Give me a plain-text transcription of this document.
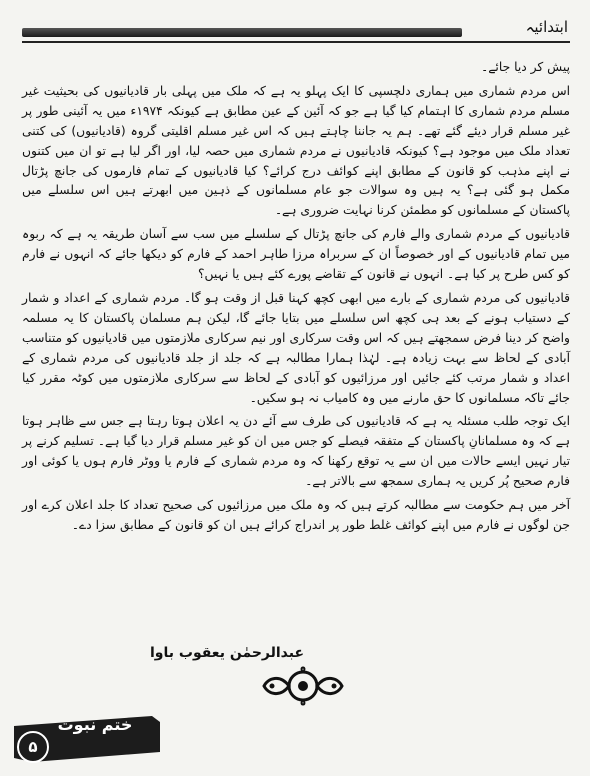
ابتدائیہ

پیش کر دیا جائے۔

اس مردم شماری میں ہماری دلچسپی کا ایک پہلو یہ ہے کہ ملک میں پہلی بار قادیانیوں کی بحیثیت غیر مسلم مردم شماری کا اہتمام کیا گیا ہے جو کہ آئین کے عین مطابق ہے کیونکہ ۱۹۷۴ء میں یہ آئینی طور پر غیر مسلم قرار دیئے گئے تھے۔ ہم یہ جاننا چاہتے ہیں کہ اس غیر مسلم اقلیتی گروہ (قادیانیوں) کی کتنی تعداد ملک میں موجود ہے؟ کیونکہ قادیانیوں نے مردم شماری میں حصہ لیا، اور اگر لیا ہے تو ان میں کتنوں نے اپنے مذہب کو قانون کے مطابق اپنے کوائف درج کرائے؟ کیا قادیانیوں کے تمام فارموں کی جانچ پڑتال مکمل ہو گئی ہے؟ یہ ہیں وہ سوالات جو عام مسلمانوں کے ذہین میں ابھرتے ہیں اس سلسلے میں پاکستان کے مسلمانوں کو مطمئن کرنا نہایت ضروری ہے۔

قادیانیوں کے مردم شماری والے فارم کی جانچ پڑتال کے سلسلے میں سب سے آسان طریقہ یہ ہے کہ ربوہ میں تمام قادیانیوں کے اور خصوصاً ان کے سربراہ مرزا طاہر احمد کے فارم کو دیکھا جائے کہ انہوں نے فارم کو کس طرح پر کیا ہے۔ انہوں نے قانون کے تقاضے پورے کئے ہیں یا نہیں؟

قادیانیوں کی مردم شماری کے بارے میں ابھی کچھ کہنا قبل از وقت ہو گا۔ مردم شماری کے اعداد و شمار کے دستیاب ہونے کے بعد ہی کچھ اس سلسلے میں بتایا جائے گا، لیکن ہم مسلمان پاکستان کا یہ مسلمہ واضح کر دینا فرض سمجھتے ہیں کہ اس وقت سرکاری اور نیم سرکاری ملازمتوں میں قادیانیوں کو متناسب آبادی کے لحاظ سے بہت زیادہ ہے۔ لہٰذا ہمارا مطالبہ ہے کہ جلد از جلد قادیانیوں کی مردم شماری کے اعداد و شمار مرتب کئے جائیں اور مرزائیوں کو آبادی کے لحاظ سے سرکاری ملازمتوں میں کوٹہ مقرر کیا جائے تاکہ مسلمانوں کا حق مارنے میں وہ کامیاب نہ ہو سکیں۔

ایک توجہ طلب مسئلہ یہ ہے کہ قادیانیوں کی طرف سے آئے دن یہ اعلان ہوتا رہتا ہے جس سے ظاہر ہوتا ہے کہ وہ مسلمانانِ پاکستان کے متفقہ فیصلے کو جس میں ان کو غیر مسلم قرار دیا گیا ہے۔ تسلیم کرنے پر تیار نہیں ایسے حالات میں ان سے یہ توقع رکھنا کہ وہ مردم شماری کے فارم یا ووٹر فارم ہوں یا کوئی اور فارم صحیح پُر کریں یہ ہماری سمجھ سے بالاتر ہے۔

آخر میں ہم حکومت سے مطالبہ کرتے ہیں کہ وہ ملک میں مرزائیوں کی صحیح تعداد کا جلد اعلان کرے اور جن لوگوں نے فارم میں اپنے کوائف غلط طور پر اندراج کرائے ہیں ان کو قانون کے مطابق سزا دے۔

عبدالرحمٰن یعقوب باوا
ختم نبوت
۵
